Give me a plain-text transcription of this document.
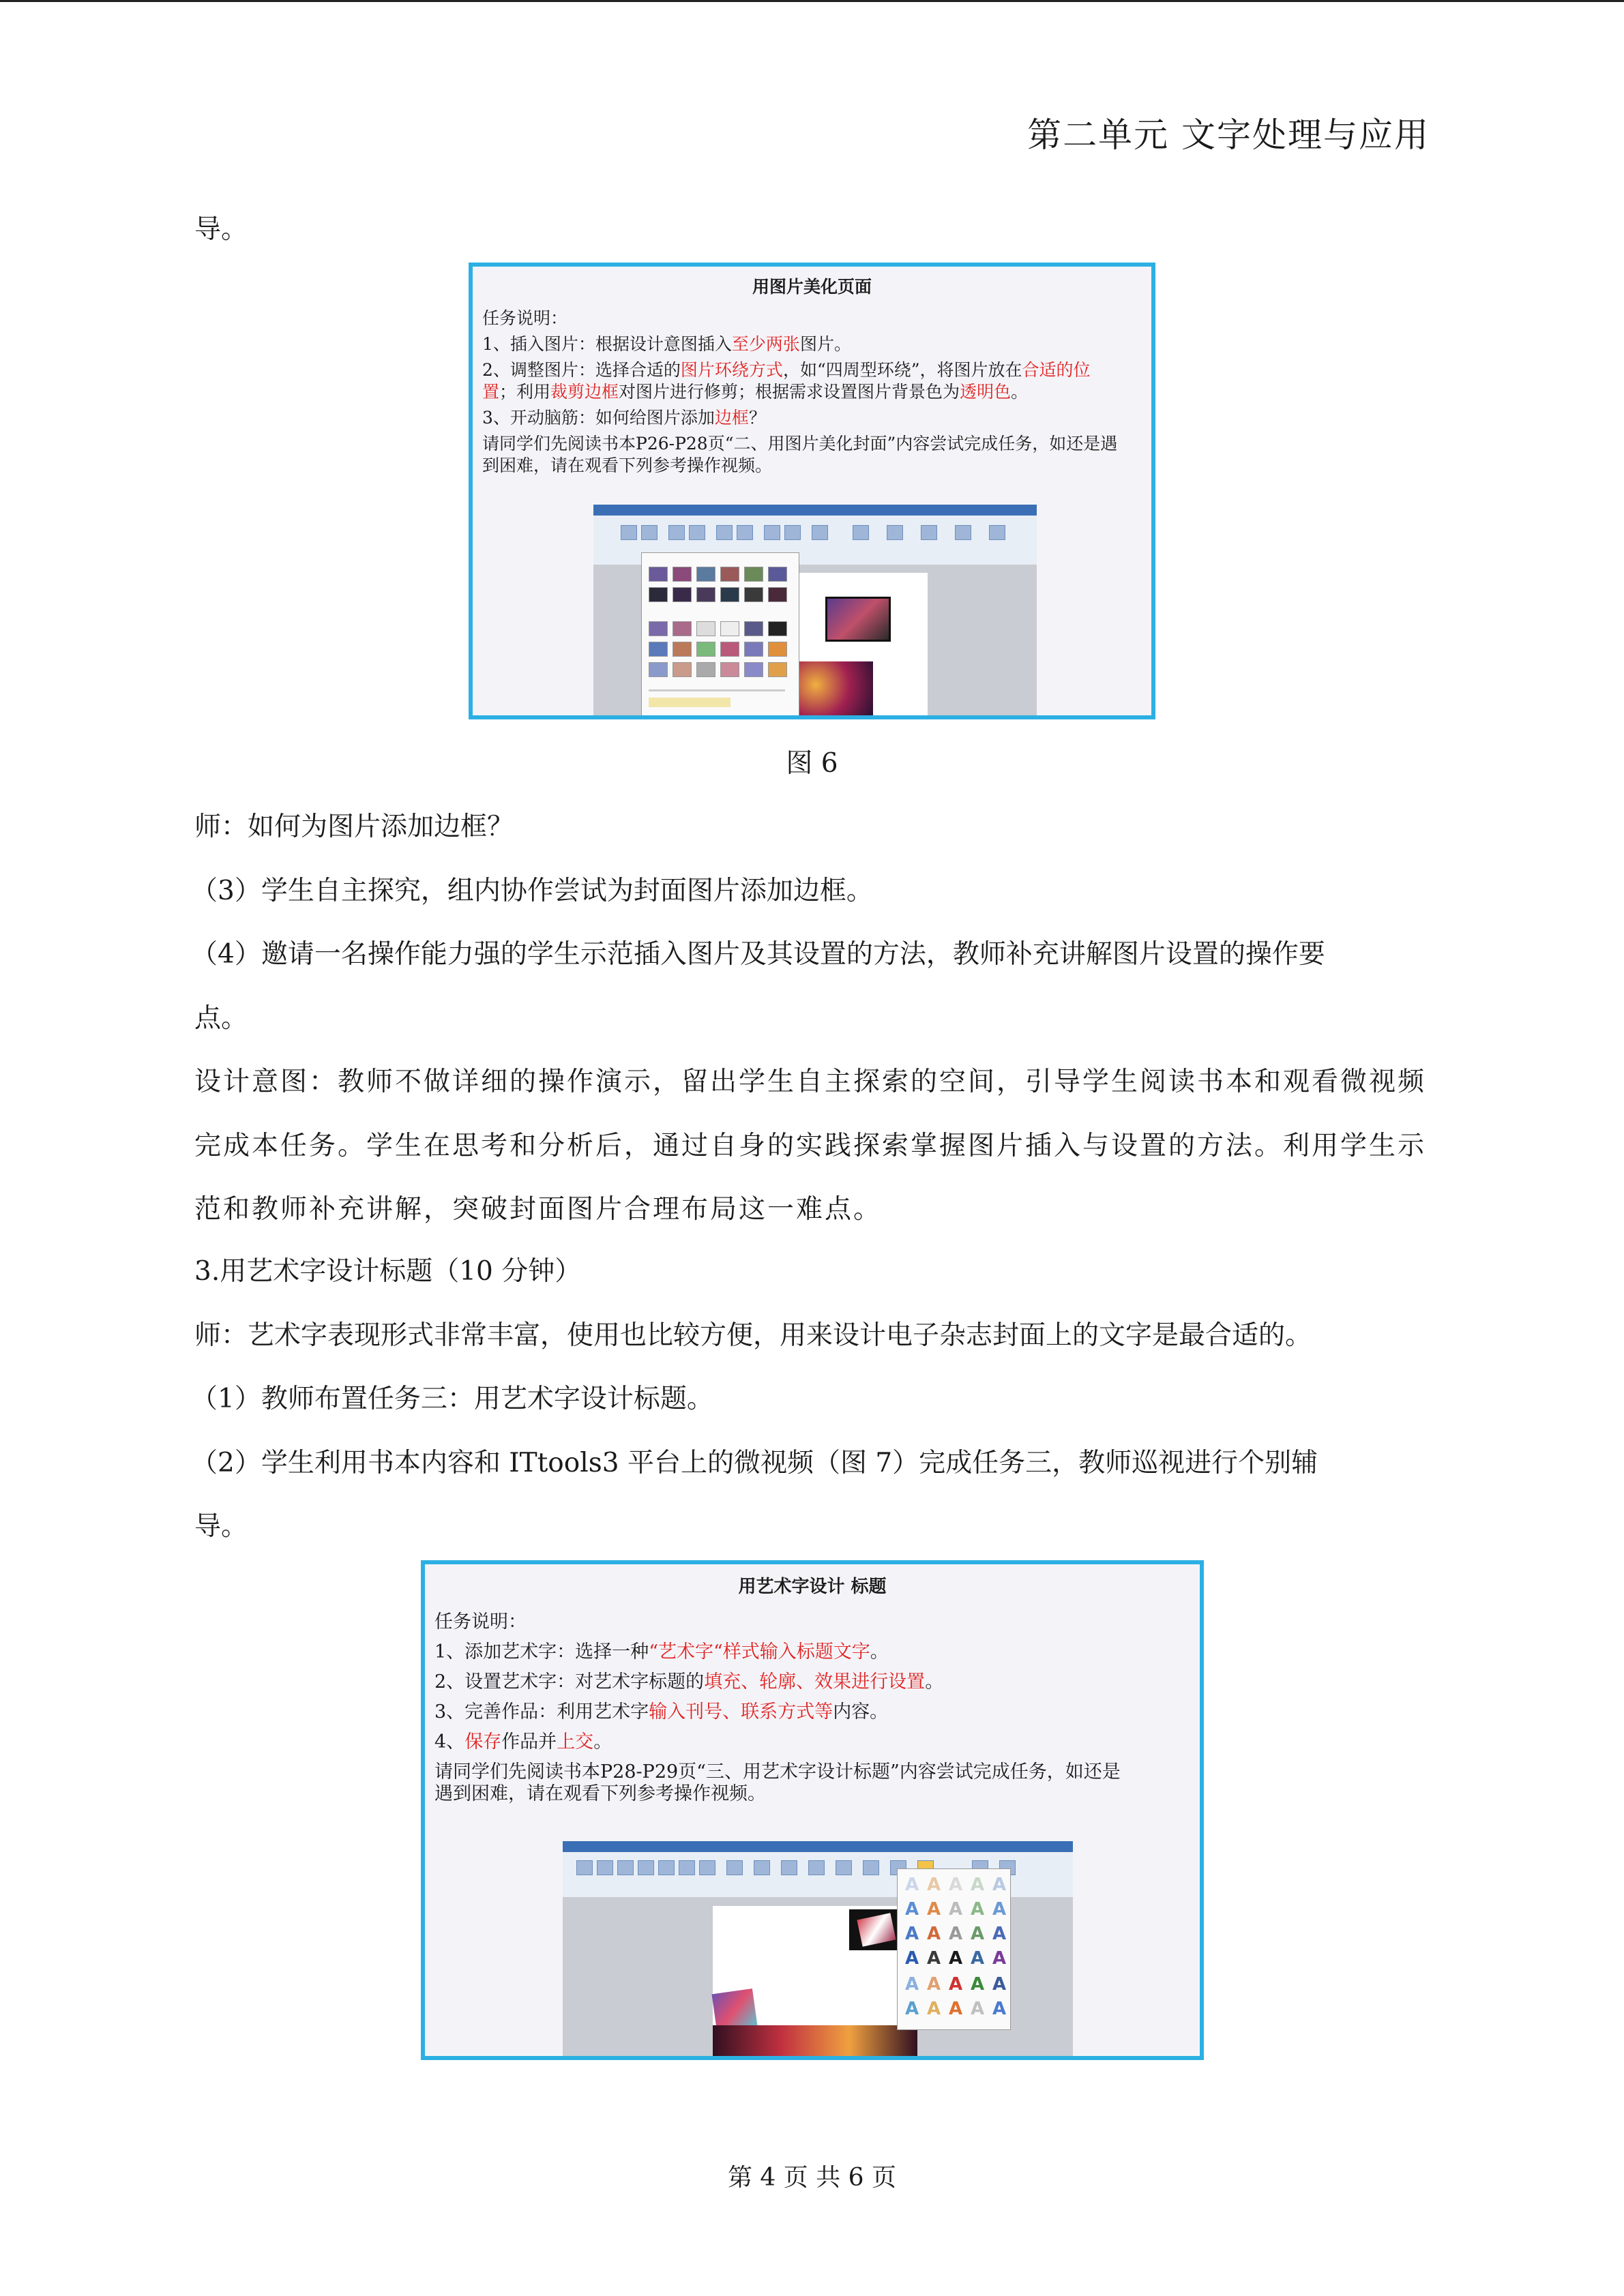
第二单元 文字处理与应用
导。
用图片美化页面
任务说明：
1、插入图片：根据设计意图插入至少两张图片。
2、调整图片：选择合适的图片环绕方式，如“四周型环绕”，将图片放在合适的位
置；利用裁剪边框对图片进行修剪；根据需求设置图片背景色为透明色。
3、开动脑筋：如何给图片添加边框？
请同学们先阅读书本P26-P28页“二、用图片美化封面”内容尝试完成任务，如还是遇
到困难，请在观看下列参考操作视频。
图 6
师：如何为图片添加边框？
（3）学生自主探究，组内协作尝试为封面图片添加边框。
（4）邀请一名操作能力强的学生示范插入图片及其设置的方法，教师补充讲解图片设置的操作要
点。
设计意图：教师不做详细的操作演示，留出学生自主探索的空间，引导学生阅读书本和观看微视频
完成本任务。学生在思考和分析后，通过自身的实践探索掌握图片插入与设置的方法。利用学生示
范和教师补充讲解，突破封面图片合理布局这一难点。
3.用艺术字设计标题（10 分钟）
师：艺术字表现形式非常丰富，使用也比较方便，用来设计电子杂志封面上的文字是最合适的。
（1）教师布置任务三：用艺术字设计标题。
（2）学生利用书本内容和 ITtools3 平台上的微视频（图 7）完成任务三，教师巡视进行个别辅
导。
用艺术字设计 标题
任务说明：
1、添加艺术字：选择一种“艺术字“样式输入标题文字。
2、设置艺术字：对艺术字标题的填充、轮廓、效果进行设置。
3、完善作品：利用艺术字输入刊号、联系方式等内容。
4、保存作品并上交。
请同学们先阅读书本P28-P29页“三、用艺术字设计标题”内容尝试完成任务，如还是
遇到困难，请在观看下列参考操作视频。
A A A A A
A A A A A
A A A A A
A A A A A
A A A A A
A A A A A
第 4 页 共 6 页
